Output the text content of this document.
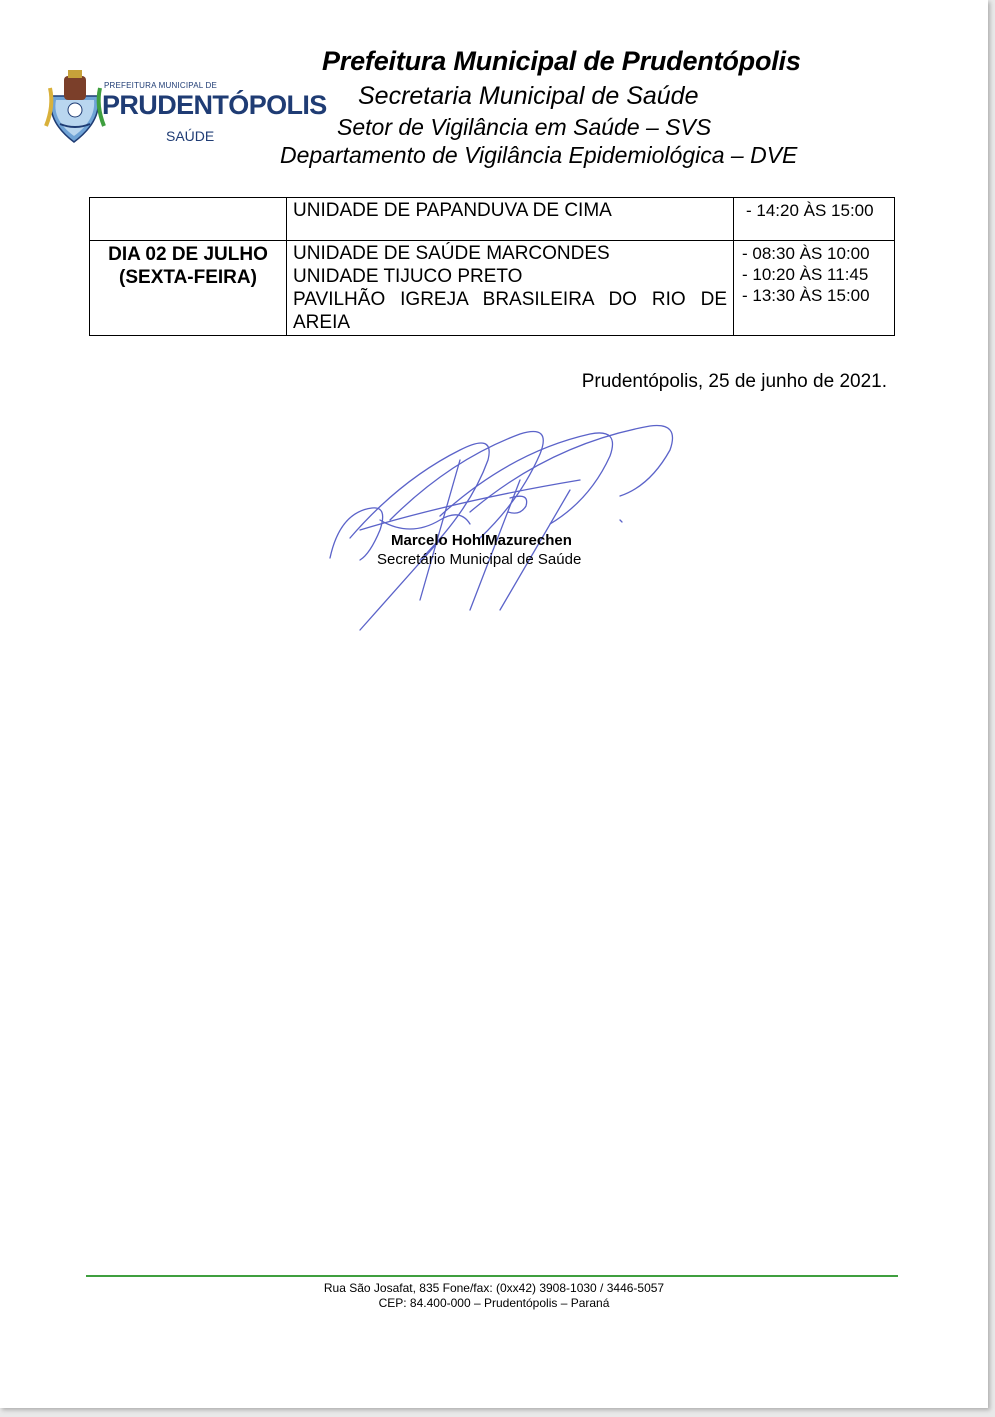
PREFEITURA MUNICIPAL DE
PRUDENTÓPOLIS
SAÚDE
Prefeitura Municipal de Prudentópolis
Secretaria Municipal de Saúde
Setor de Vigilância em Saúde – SVS
Departamento de Vigilância Epidemiológica – DVE

	UNIDADE DE PAPANDUVA DE CIMA	- 14:20 ÀS 15:00

DIA 02 DE JULHO
(SEXTA-FEIRA)	UNIDADE DE SAÚDE MARCONDES
UNIDADE TIJUCO PRETO
PAVILHÃO IGREJA BRASILEIRA DO RIO DE AREIA	- 08:30 ÀS 10:00
- 10:20 ÀS 11:45
- 13:30 ÀS 15:00
Prudentópolis, 25 de junho de 2021.
Marcelo HohlMazurechen
Secretário Municipal de Saúde
Rua São Josafat, 835 Fone/fax: (0xx42) 3908-1030 / 3446-5057
CEP: 84.400-000 – Prudentópolis – Paraná
